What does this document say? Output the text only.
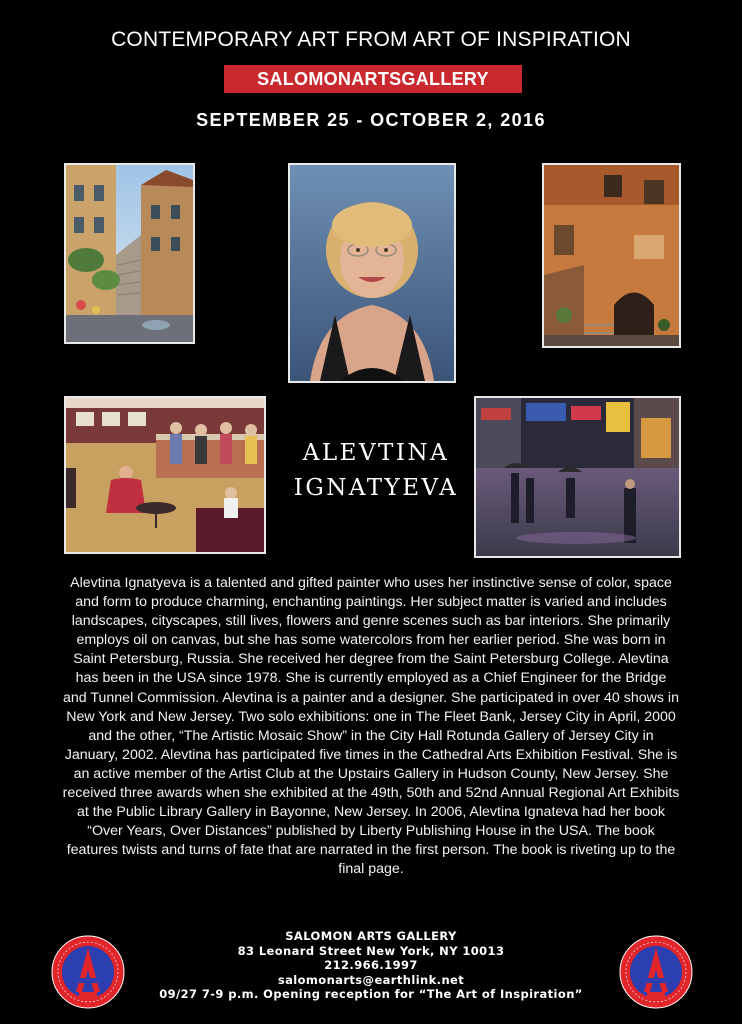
CONTEMPORARY ART FROM ART OF INSPIRATION
SALOMONARTSGALLERY
SEPTEMBER 25 - OCTOBER 2, 2016
ALEVTINA
IGNATYEVA
Alevtina Ignatyeva is a talented and gifted painter who uses her instinctive sense of color, space and form to produce charming, enchanting paintings. Her subject matter is varied and includes landscapes, cityscapes, still lives, flowers and genre scenes such as bar interiors. She primarily employs oil on canvas, but she has some watercolors from her earlier period. She was born in Saint Petersburg, Russia. She received her degree from the Saint Petersburg College. Alevtina has been in the USA since 1978. She is currently employed as a Chief Engineer for the Bridge and Tunnel Commission. Alevtina is a painter and a designer. She participated in over 40 shows in New York and New Jersey. Two solo exhibitions: one in The Fleet Bank, Jersey City in April, 2000 and the other, “The Artistic Mosaic Show” in the City Hall Rotunda Gallery of Jersey City in January, 2002. Alevtina has participated five times in the Cathedral Arts Exhibition Festival. She is an active member of the Artist Club at the Upstairs Gallery in Hudson County, New Jersey. She received three awards when she exhibited at the 49th, 50th and 52nd Annual Regional Art Exhibits at the Public Library Gallery in Bayonne, New Jersey. In 2006, Alevtina Ignateva had her book “Over Years, Over Distances” published by Liberty Publishing House in the USA. The book features twists and turns of fate that are narrated in the first person. The book is riveting up to the final page.
SALOMON ARTS GALLERY
83 Leonard Street New York, NY 10013
212.966.1997
salomonarts@earthlink.net
09/27 7-9 p.m. Opening reception for “The Art of Inspiration”
